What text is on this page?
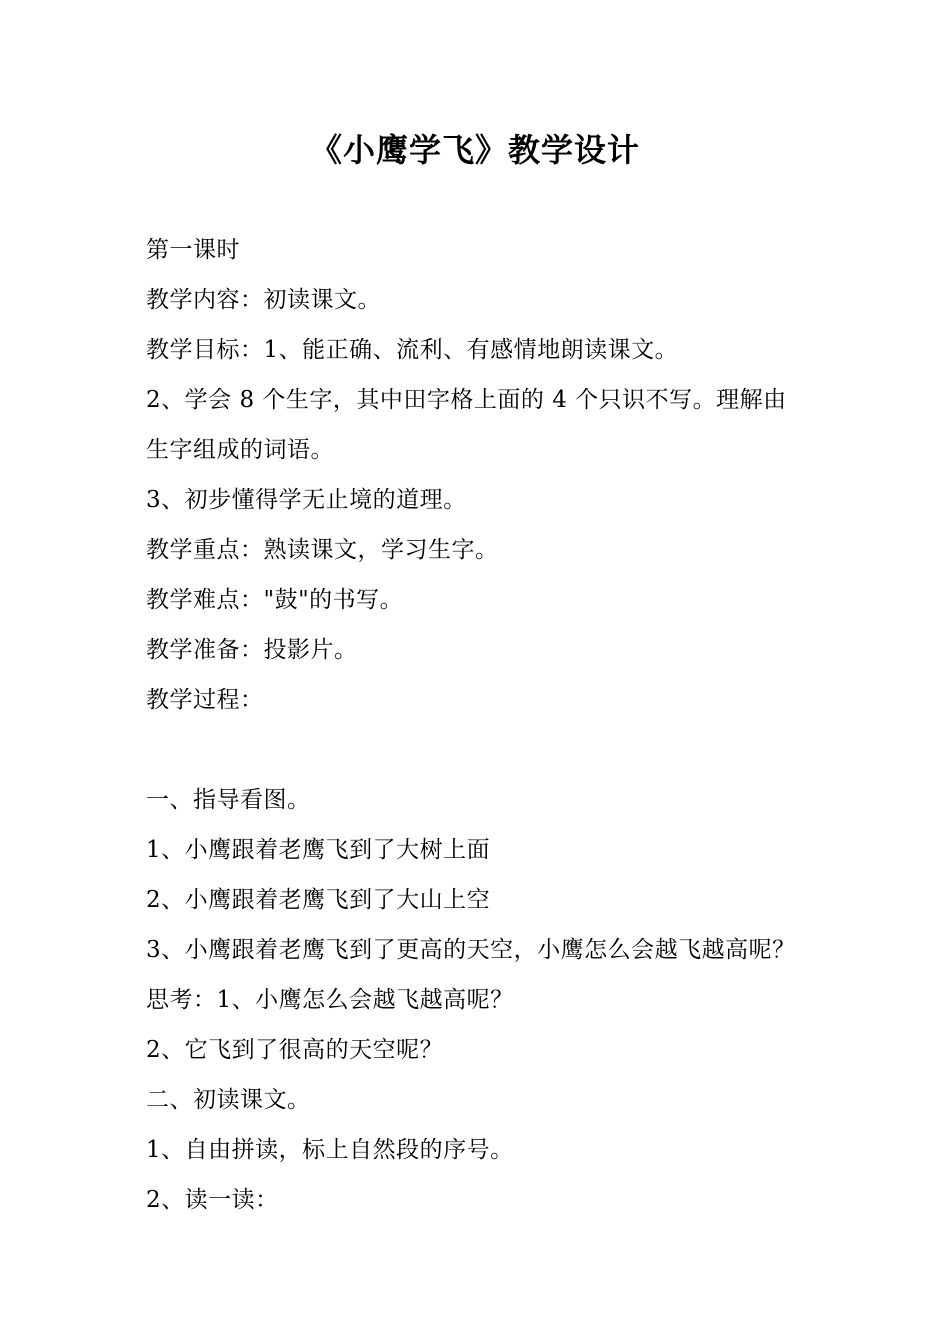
《小鹰学飞》教学设计

第一课时

教学内容：初读课文。

教学目标：1、能正确、流利、有感情地朗读课文。

2、学会 8 个生字，其中田字格上面的 4 个只识不写。理解由

生字组成的词语。

3、初步懂得学无止境的道理。

教学重点：熟读课文，学习生字。

教学难点："鼓"的书写。

教学准备：投影片。

教学过程：

一、指导看图。

1、小鹰跟着老鹰飞到了大树上面

2、小鹰跟着老鹰飞到了大山上空

3、小鹰跟着老鹰飞到了更高的天空，小鹰怎么会越飞越高呢？

思考：1、小鹰怎么会越飞越高呢？

2、它飞到了很高的天空呢？

二、初读课文。

1、自由拼读，标上自然段的序号。

2、读一读：
